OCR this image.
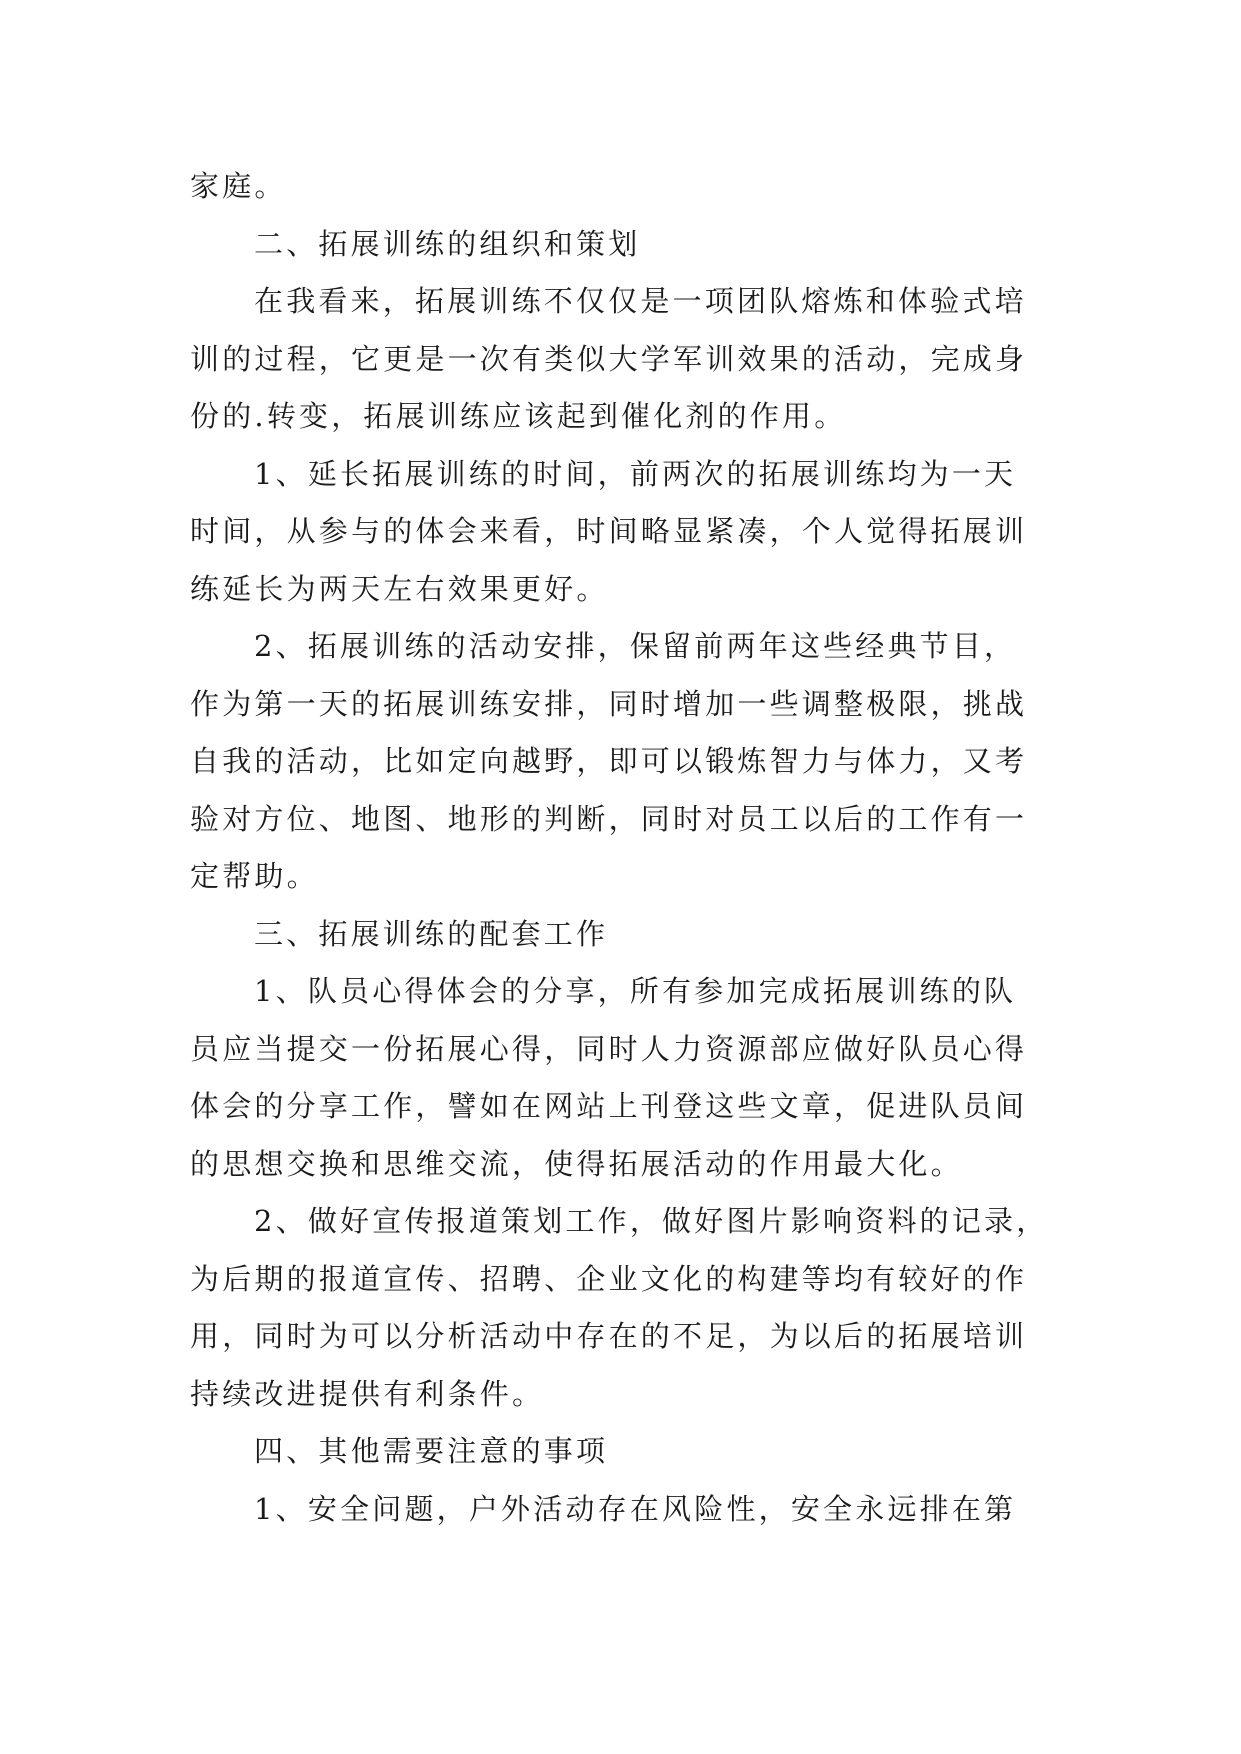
家庭。
二、拓展训练的组织和策划
在我看来，拓展训练不仅仅是一项团队熔炼和体验式培
训的过程，它更是一次有类似大学军训效果的活动，完成身
份的.转变，拓展训练应该起到催化剂的作用。
1、延长拓展训练的时间，前两次的拓展训练均为一天
时间，从参与的体会来看，时间略显紧凑，个人觉得拓展训
练延长为两天左右效果更好。
2、拓展训练的活动安排，保留前两年这些经典节目，
作为第一天的拓展训练安排，同时增加一些调整极限，挑战
自我的活动，比如定向越野，即可以锻炼智力与体力，又考
验对方位、地图、地形的判断，同时对员工以后的工作有一
定帮助。
三、拓展训练的配套工作
1、队员心得体会的分享，所有参加完成拓展训练的队
员应当提交一份拓展心得，同时人力资源部应做好队员心得
体会的分享工作，譬如在网站上刊登这些文章，促进队员间
的思想交换和思维交流，使得拓展活动的作用最大化。
2、做好宣传报道策划工作，做好图片影响资料的记录，
为后期的报道宣传、招聘、企业文化的构建等均有较好的作
用，同时为可以分析活动中存在的不足，为以后的拓展培训
持续改进提供有利条件。
四、其他需要注意的事项
1、安全问题，户外活动存在风险性，安全永远排在第
